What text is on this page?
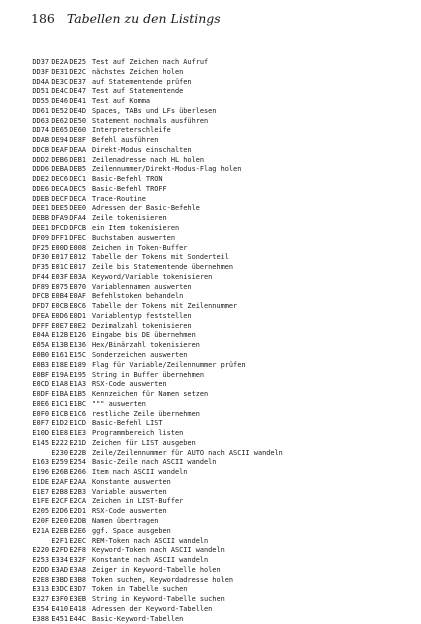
186 Tabellen zu den Listings
DD37 DE2A DE25 Test auf Zeichen nach Aufruf
DD3F DE31 DE2C nächstes Zeichen holen
DD4A DE3C DE37 auf Statementende prüfen
DD51 DE4C DE47 Test auf Statementende
DD55 DE46 DE41 Test auf Komma
DD61 DE52 DE4D Spaces, TABs und LFs überlesen
DD63 DE62 DE50 Statement nochmals ausführen
DD74 DE65 DE60 Interpreterschleife
DDAB DE94 DE8F Befehl ausführen
DDCB DEAF DEAA Direkt-Modus einschalten
DDD2 DEB6 DEB1 Zeilenadresse nach HL holen
DDD6 DEBA DEB5 Zeilennummer/Direkt-Modus-Flag holen
DDE2 DEC6 DEC1 Basic-Befehl TRON
DDE6 DECA DEC5 Basic-Befehl TROFF
DDEB DECF DECA Trace-Routine
DEE1 DEE5 DEE0 Adressen der Basic-Befehle
DEBB DFA9 DFA4 Zeile tokenisieren
DEE1 DFCD DFCB ein Item tokenisieren
DF09 DFF1 DFEC Buchstaben auswerten
DF25 E00D E008 Zeichen in Token-Buffer
DF30 E017 E012 Tabelle der Tokens mit Sonderteil
DF35 E01C E017 Zeile bis Statementende übernehmen
DF44 E03F E03A Keyword/Variable tokenisieren
DF89 E075 E070 Variablennamen auswerten
DFCB E0B4 E0AF Befehlstoken behandeln
DFD7 E0CB E0C6 Tabelle der Tokens mit Zeilennummer
DFEA E0D6 E0D1 Variablentyp feststellen
DFFF E0E7 E0E2 Dezimalzahl tokenisieren
E04A E12B E126 Eingabe bis DE übernehmen
E05A E13B E136 Hex/Binärzahl tokenisieren
E0B0 E161 E15C Sonderzeichen auswerten
E0B3 E18E E189 Flag für Variable/Zeilennummer prüfen
E0BF E19A E195 String in Buffer übernehmen
E0CD E1A8 E1A3 RSX-Code auswerten
E0DF E1BA E1B5 Kennzeichen für Namen setzen
E0E6 E1C1 E1BC """ auswerten
E0F0 E1CB E1C6 restliche Zeile übernehmen
E0F7 E1D2 E1CD Basic-Befehl LIST
E10D E1E8 E1E3 Programmbereich listen
E145 E222 E21D Zeichen für LIST ausgeben
E230 E22B Zeile/Zeilennummer für AUTO nach ASCII wandeln
E163 E259 E254 Basic-Zeile nach ASCII wandeln
E196 E26B E266 Item nach ASCII wandeln
E1DE E2AF E2AA Konstante auswerten
E1E7 E2B8 E2B3 Variable auswerten
E1FE E2CF E2CA Zeichen in LIST-Buffer
E205 E2D6 E2D1 RSX-Code auswerten
E20F E2E0 E2DB Namen übertragen
E21A E2EB E2E6 ggf. Space ausgeben
E2F1 E2EC REM-Token nach ASCII wandeln
E220 E2FD E2F8 Keyword-Token nach ASCII wandeln
E253 E334 E32F Konstante nach ASCII wandeln
E2DD E3AD E3A8 Zeiger in Keyword-Tabelle holen
E2E8 E3BD E3B8 Token suchen, Keywordadresse holen
E313 E3DC E3D7 Token in Tabelle suchen
E327 E3F0 E3EB String in Keyword-Tabelle suchen
E354 E410 E418 Adressen der Keyword-Tabellen
E388 E451 E44C Basic-Keyword-Tabellen
